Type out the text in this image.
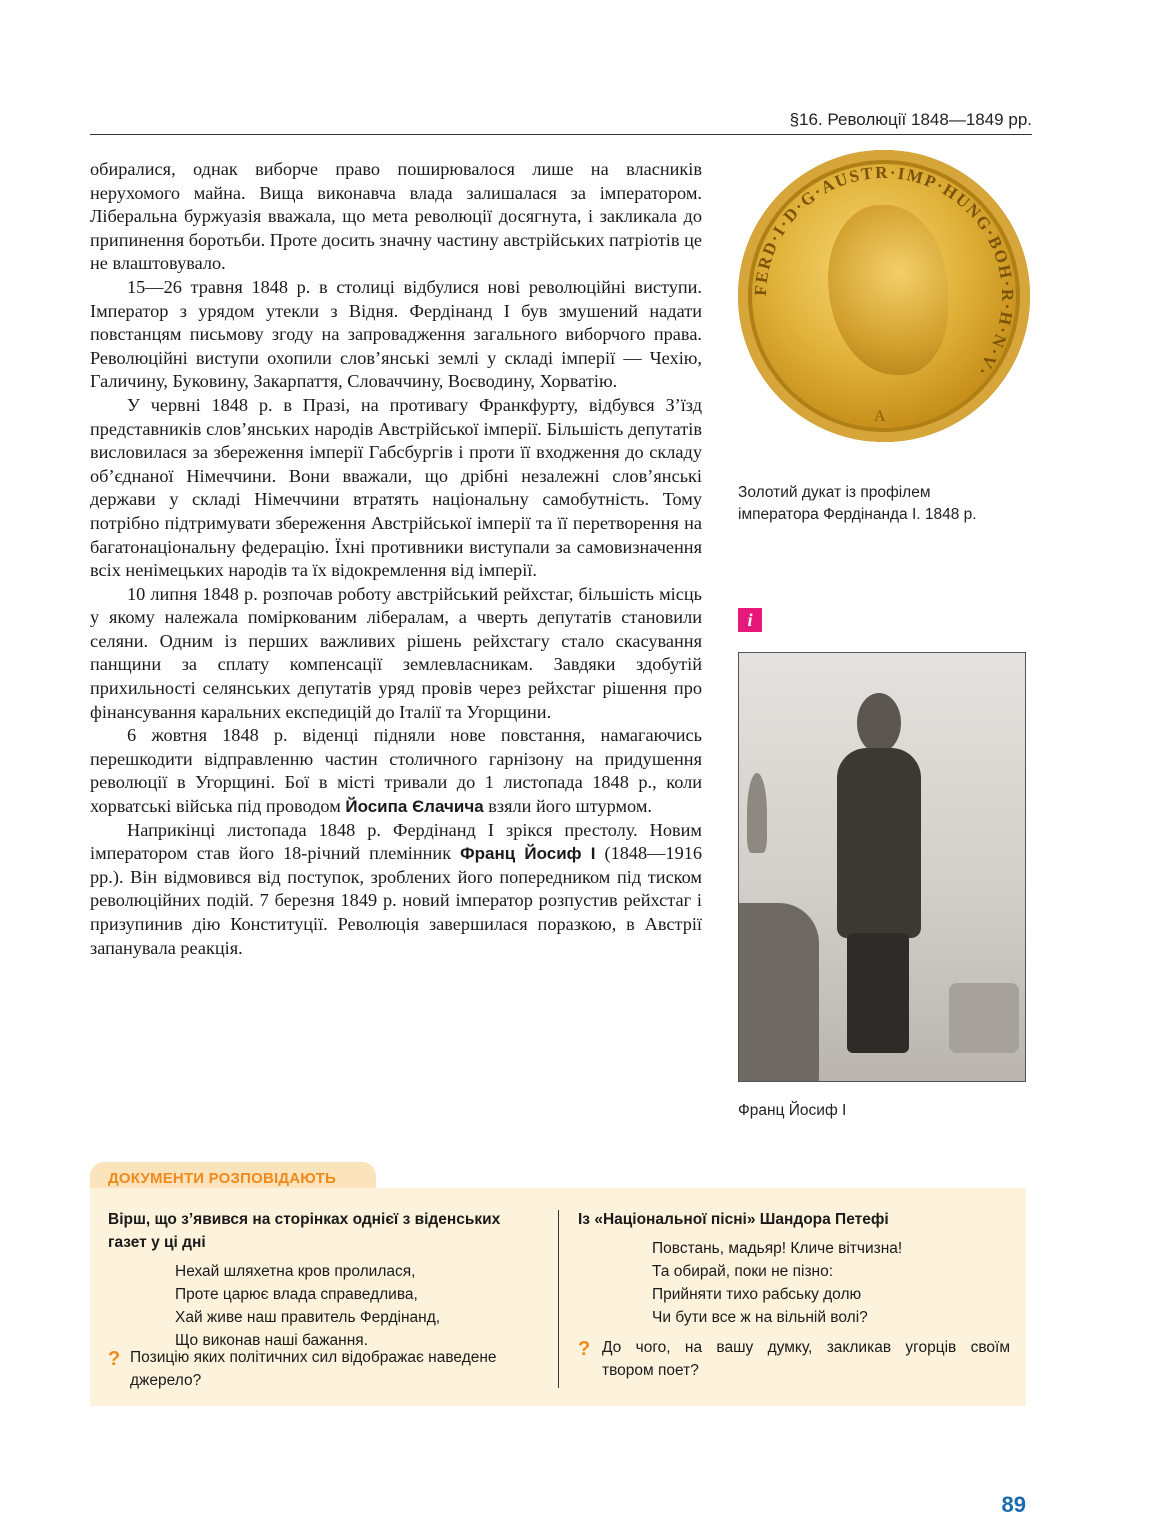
§16. Революції 1848—1849 рр.

обиралися, однак виборче право поширювалося лише на власників нерухомого майна. Вища виконавча влада залишалася за імператором. Ліберальна буржуазія вважала, що мета революції досягнута, і закликала до припинення боротьби. Проте досить значну частину австрійських патріотів це не влаштовувало.

15—26 травня 1848 р. в столиці відбулися нові революційні виступи. Імператор з урядом утекли з Відня. Фердінанд I був змушений надати повстанцям письмову згоду на запровадження загального виборчого права. Революційні виступи охопили слов’янські землі у складі імперії — Чехію, Галичину, Буковину, Закарпаття, Словаччину, Воєводину, Хорватію.

У червні 1848 р. в Празі, на противагу Франкфурту, відбувся З’їзд представників слов’янських народів Австрійської імперії. Більшість депутатів висловилася за збереження імперії Габсбургів і проти її входження до складу об’єднаної Німеччини. Вони вважали, що дрібні незалежні слов’янські держави у складі Німеччини втратять національну самобутність. Тому потрібно підтримувати збереження Австрійської імперії та її перетворення на багатонаціональну федерацію. Їхні противники виступали за самовизначення всіх ненімецьких народів та їх відокремлення від імперії.

10 липня 1848 р. розпочав роботу австрійський рейхстаг, більшість місць у якому належала поміркованим лібералам, а чверть депутатів становили селяни. Одним із перших важливих рішень рейхстагу стало скасування панщини за сплату компенсації землевласникам. Завдяки здобутій прихильності селянських депутатів уряд провів через рейхстаг рішення про фінансування каральних експедицій до Італії та Угорщини.

6 жовтня 1848 р. віденці підняли нове повстання, намагаючись перешкодити відправленню частин столичного гарнізону на придушення революції в Угорщині. Бої в місті тривали до 1 листопада 1848 р., коли хорватські війська під проводом Йосипа Єлачича взяли його штурмом.

Наприкінці листопада 1848 р. Фердінанд I зрікся престолу. Новим імператором став його 18-річний племінник Франц Йосиф І (1848—1916 рр.). Він відмовився від поступок, зроблених його попередником під тиском революційних подій. 7 березня 1849 р. новий імператор розпустив рейхстаг і призупинив дію Конституції. Революція завершилася поразкою, в Австрії запанувала реакція.

FERD·I·D·G·AUSTR·IMP·HUNG·BOH·R·H·N·V·
A
Золотий дукат із профілем
імператора Фердінанда І. 1848 р.
i
Франц Йосиф І
ДОКУМЕНТИ РОЗПОВІДАЮТЬ
Вірш, що з’явився на сторінках однієї з віденських
газет у ці дні
Нехай шляхетна кров пролилася,
Проте царює влада справедлива,
Хай живе наш правитель Фердінанд,
Що виконав наші бажання.
? Позицію яких політичних сил відображає наведене
джерело?
Із «Національної пісні» Шандора Петефі
Повстань, мадьяр! Кличе вітчизна!
Та обирай, поки не пізно:
Прийняти тихо рабську долю
Чи бути все ж на вільній волі?
? До чого, на вашу думку, закликав угорців своїм
твором поет?
89
